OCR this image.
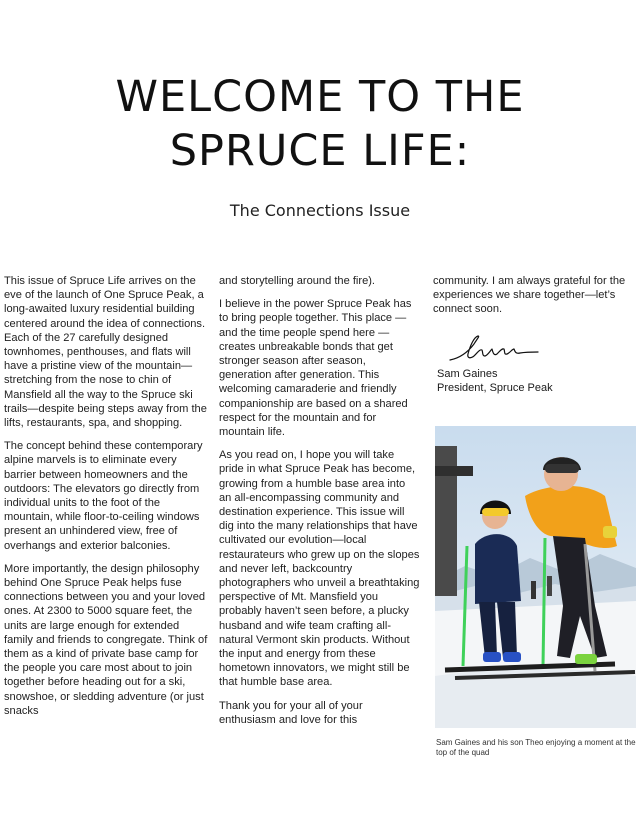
WELCOME TO THE
SPRUCE LIFE:
The Connections Issue

This issue of Spruce Life arrives on the eve of the launch of One Spruce Peak, a long-awaited luxury residential building centered around the idea of connections. Each of the 27 carefully designed townhomes, penthouses, and flats will have a pristine view of the mountain—stretching from the nose to chin of Mansfield all the way to the Spruce ski trails—despite being steps away from the lifts, restaurants, spa, and shopping.

The concept behind these contemporary alpine marvels is to eliminate every barrier between homeowners and the outdoors: The elevators go directly from individual units to the foot of the mountain, while floor-to-ceiling windows present an unhindered view, free of overhangs and exterior balconies.

More importantly, the design philosophy behind One Spruce Peak helps fuse connections between you and your loved ones. At 2300 to 5000 square feet, the units are large enough for extended family and friends to congregate. Think of them as a kind of private base camp for the people you care most about to join together before heading out for a ski, snowshoe, or sledding adventure (or just snacks

and storytelling around the fire).

I believe in the power Spruce Peak has to bring people together. This place — and the time people spend here — creates unbreakable bonds that get stronger season after season, generation after generation. This welcoming camaraderie and friendly companionship are based on a shared respect for the mountain and for mountain life.

As you read on, I hope you will take pride in what Spruce Peak has become, growing from a humble base area into an all-encompassing community and destination experience. This issue will dig into the many relationships that have cultivated our evolution—local restaurateurs who grew up on the slopes and never left, backcountry photographers who unveil a breathtaking perspective of Mt. Mansfield you probably haven’t seen before, a plucky husband and wife team crafting all-natural Vermont skin products. Without the input and energy from these hometown innovators, we might still be that humble base area.

Thank you for your all of your enthusiasm and love for this

community. I am always grateful for the experiences we share together—let’s connect soon.

Sam Gaines
President, Spruce Peak
Sam Gaines and his son Theo enjoying a moment at the top of the quad
